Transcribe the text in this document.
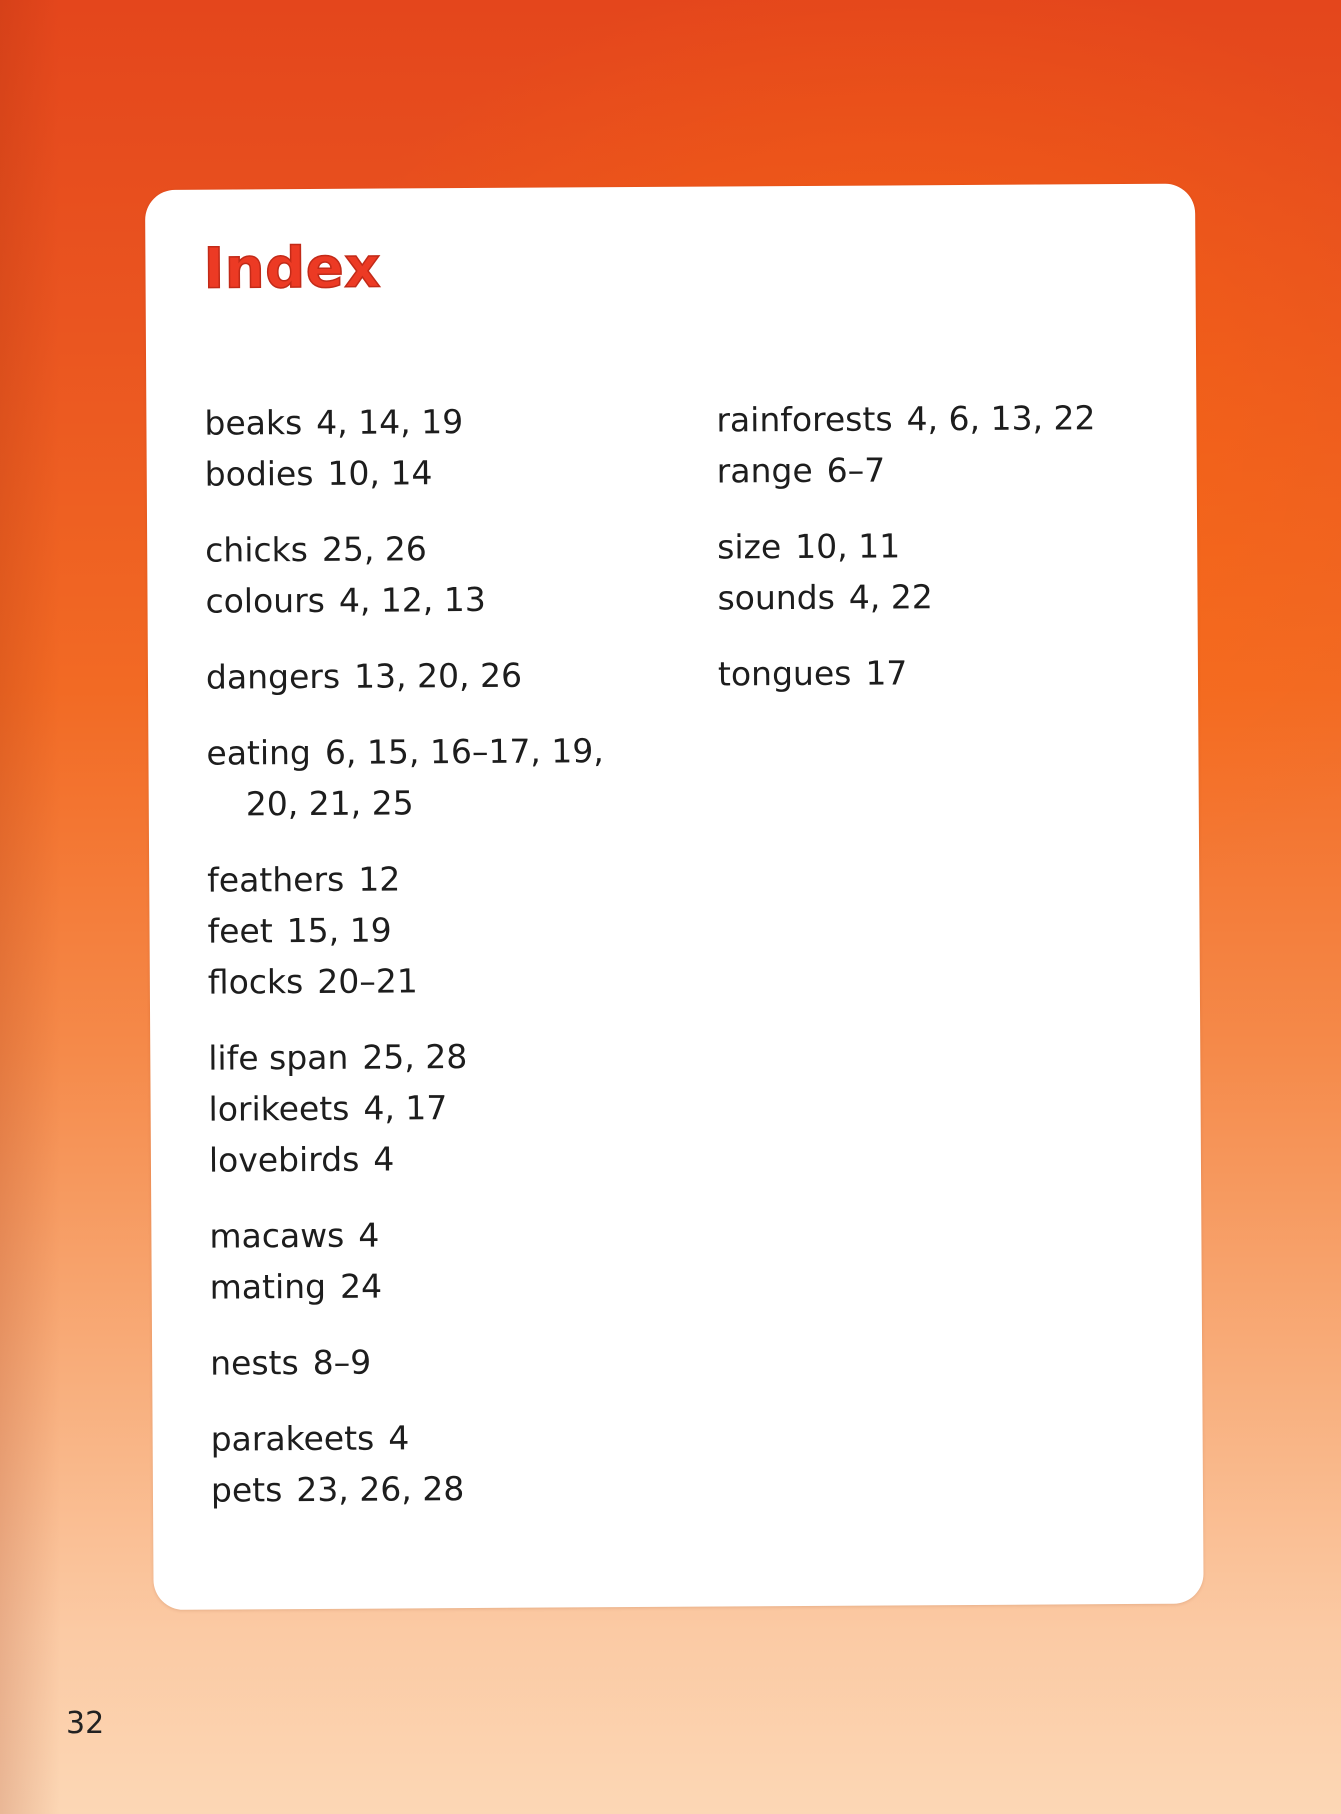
Index
beaks 4, 14, 19
bodies 10, 14
chicks 25, 26
colours 4, 12, 13
dangers 13, 20, 26
eating 6, 15, 16–17, 19,
20, 21, 25
feathers 12
feet 15, 19
flocks 20–21
life span 25, 28
lorikeets 4, 17
lovebirds 4
macaws 4
mating 24
nests 8–9
parakeets 4
pets 23, 26, 28
rainforests 4, 6, 13, 22
range 6–7
size 10, 11
sounds 4, 22
tongues 17
32
